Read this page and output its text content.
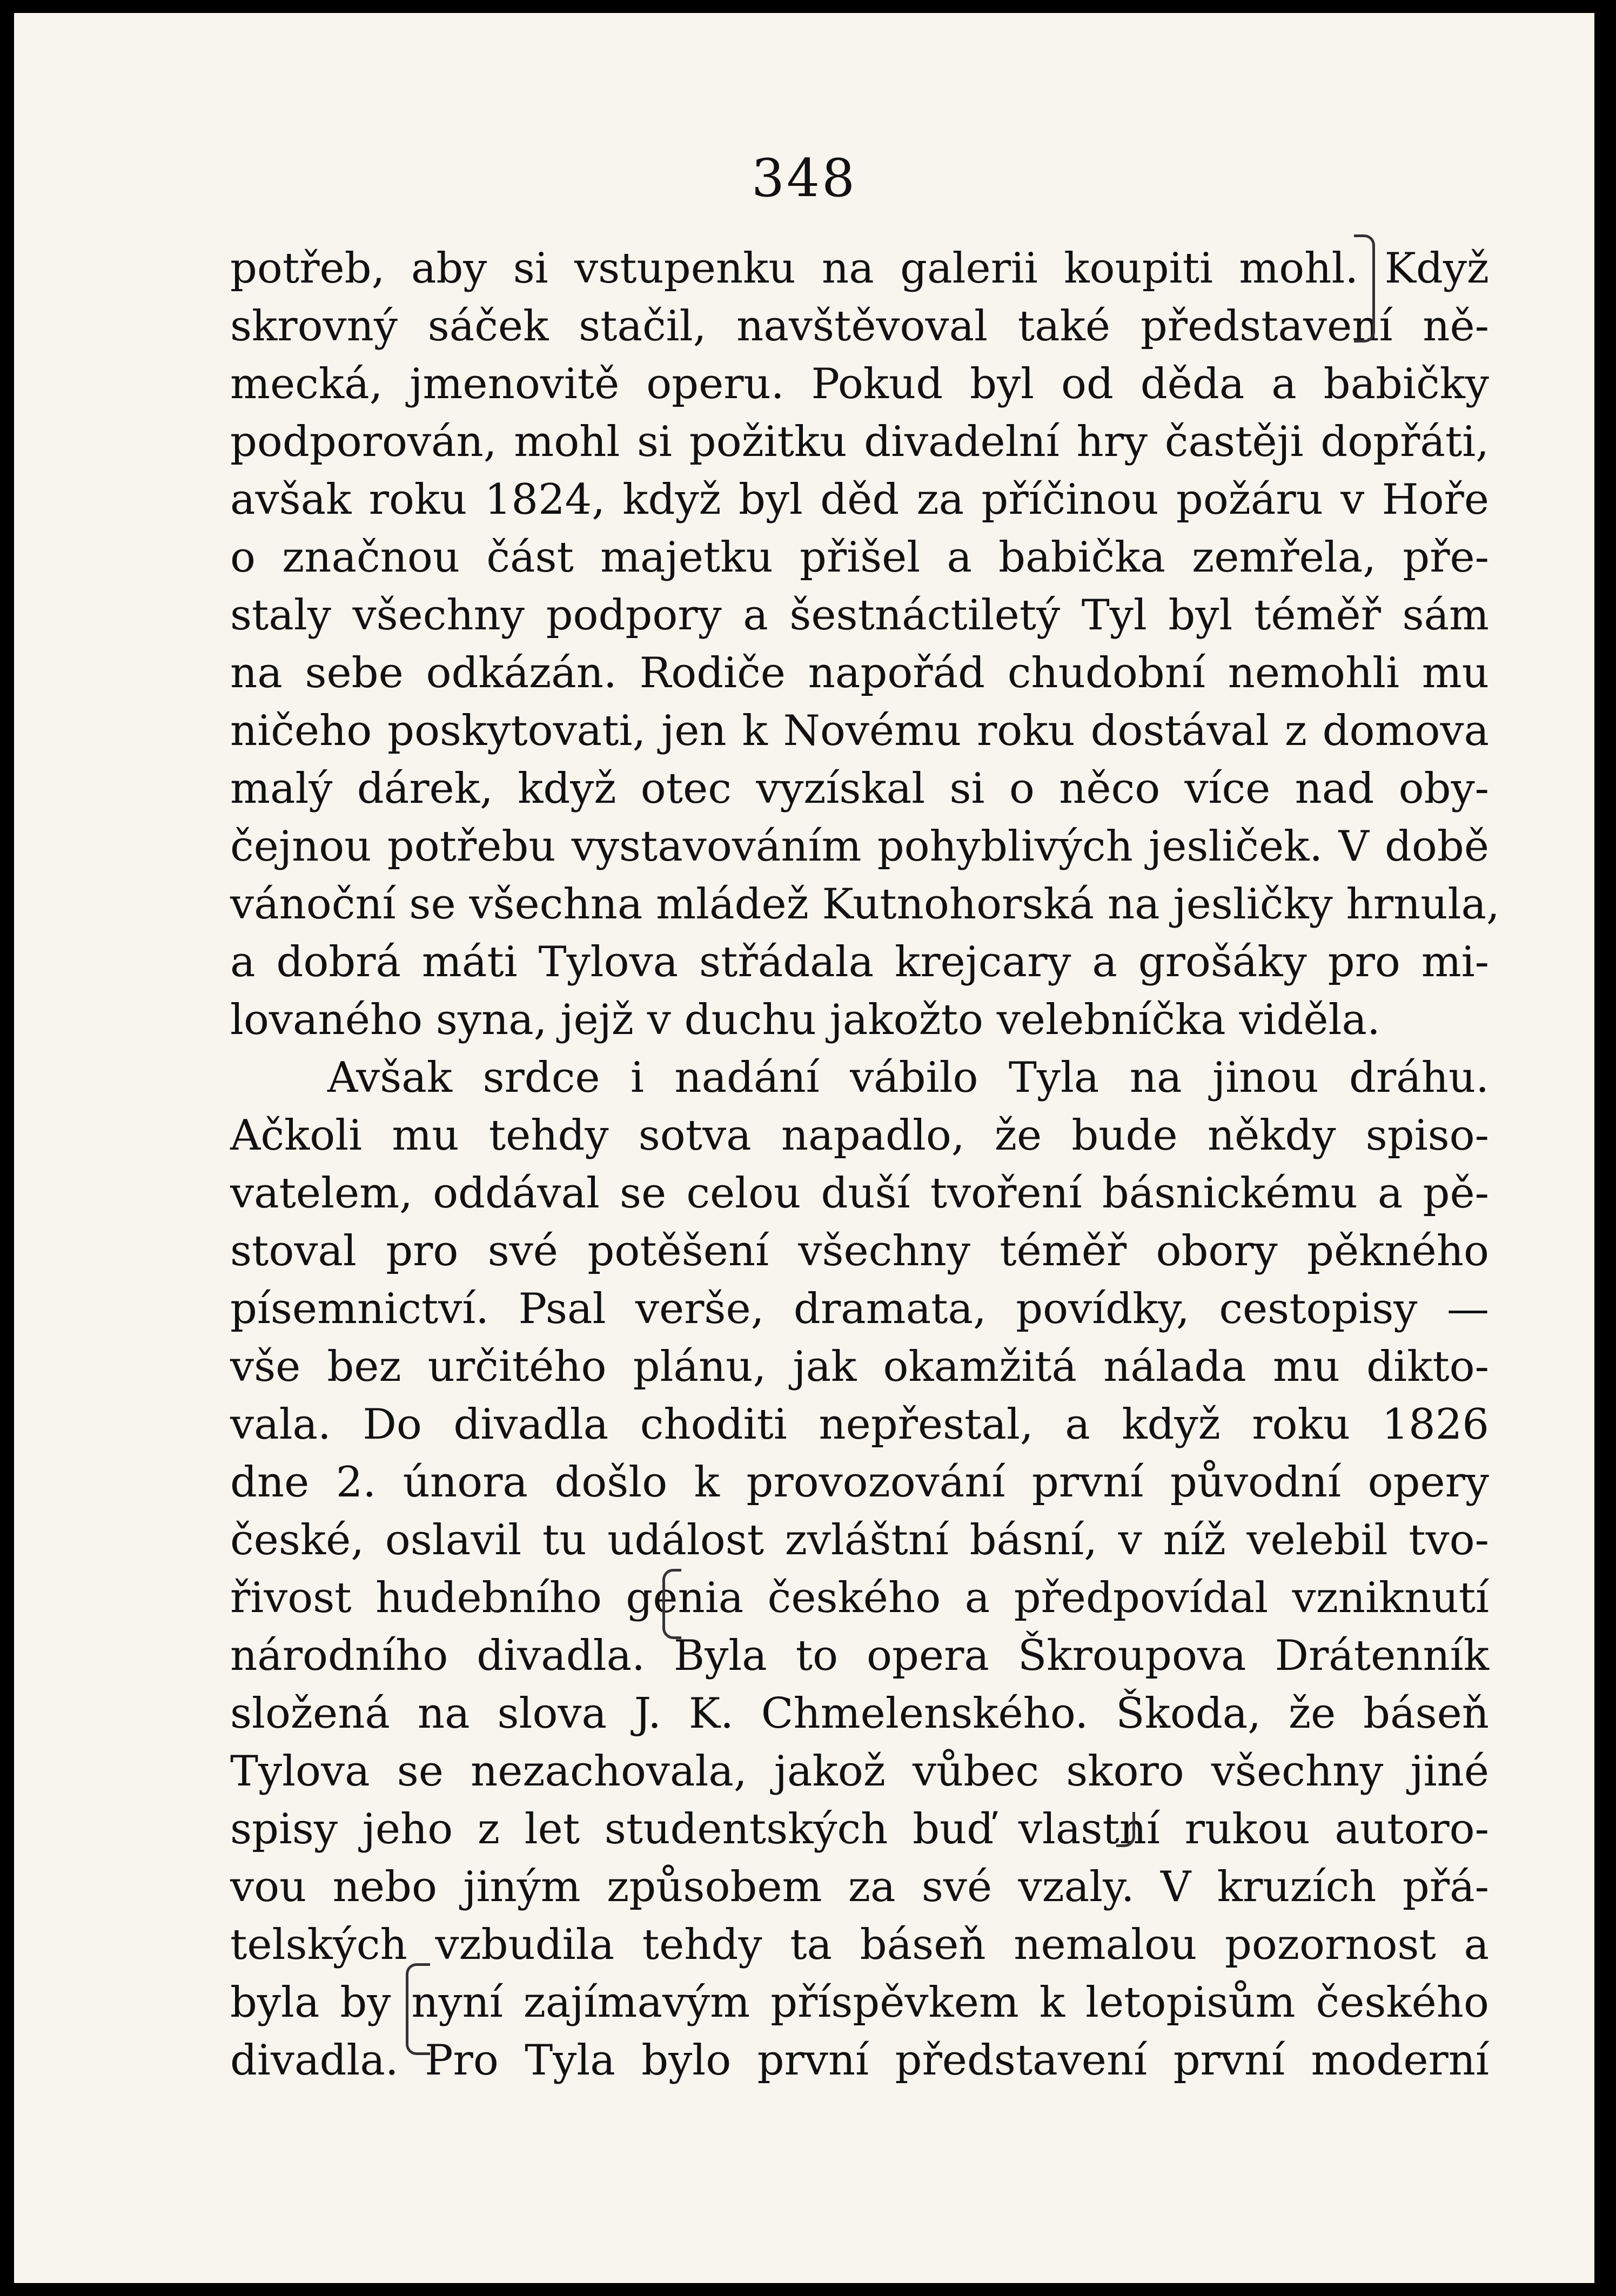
348
potřeb, aby si vstupenku na galerii koupiti mohl. Když
skrovný sáček stačil, navštěvoval také představení ně-
mecká, jmenovitě operu. Pokud byl od děda a babičky
podporován, mohl si požitku divadelní hry častěji dopřáti,
avšak roku 1824, když byl děd za příčinou požáru v Hoře
o značnou část majetku přišel a babička zemřela, pře-
staly všechny podpory a šestnáctiletý Tyl byl téměř sám
na sebe odkázán. Rodiče napořád chudobní nemohli mu
ničeho poskytovati, jen k Novému roku dostával z domova
malý dárek, když otec vyzískal si o něco více nad oby-
čejnou potřebu vystavováním pohyblivých jesliček. V době
vánoční se všechna mládež Kutnohorská na jesličky hrnula,
a dobrá máti Tylova střádala krejcary a grošáky pro mi-
lovaného syna, jejž v duchu jakožto velebníčka viděla.
Avšak srdce i nadání vábilo Tyla na jinou dráhu.
Ačkoli mu tehdy sotva napadlo, že bude někdy spiso-
vatelem, oddával se celou duší tvoření básnickému a pě-
stoval pro své potěšení všechny téměř obory pěkného
písemnictví. Psal verše, dramata, povídky, cestopisy —
vše bez určitého plánu, jak okamžitá nálada mu dikto-
vala. Do divadla choditi nepřestal, a když roku 1826
dne 2. února došlo k provozování první původní opery
české, oslavil tu událost zvláštní básní, v níž velebil tvo-
řivost hudebního genia českého a předpovídal vzniknutí
národního divadla. Byla to opera Škroupova Drátenník
složená na slova J. K. Chmelenského. Škoda, že báseň
Tylova se nezachovala, jakož vůbec skoro všechny jiné
spisy jeho z let studentských buď vlastní rukou autoro-
vou nebo jiným způsobem za své vzaly. V kruzích přá-
telských vzbudila tehdy ta báseň nemalou pozornost a
byla by nyní zajímavým příspěvkem k letopisům českého
divadla. Pro Tyla bylo první představení první moderní
